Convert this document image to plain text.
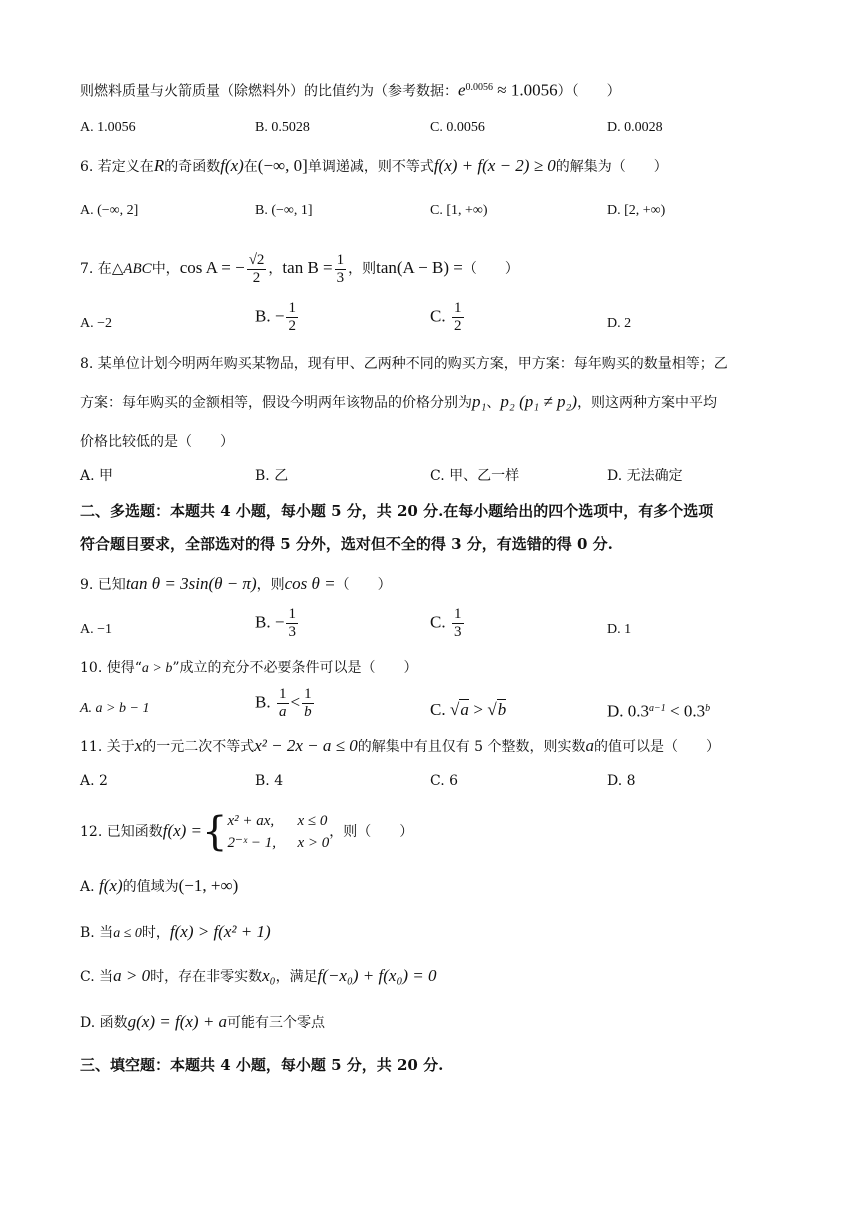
则燃料质量与火箭质量（除燃料外）的比值约为（参考数据：$e^{0.0056} \approx 1.0056$）（　　）
A. 1.0056	B. 0.5028	C. 0.0056	D. 0.0028
6. 若定义在R的奇函数f(x)在(−∞, 0]单调递减，则不等式f(x) + f(x − 2) ≥ 0的解集为（　　）
A. (−∞, 2]	B. (−∞, 1]	C. [1, +∞)	D. [2, +∞)
7. 在△ABC中，cos A = − $\frac{√2}{2}$ ，$\tan B = \frac{1}{3}$ ，则tan(A − B) =（　　）
A. −2	B. − $\frac{1}{2}$	C. $\frac{1}{2}$	D. 2
8. 某单位计划今明两年购买某物品，现有甲、乙两种不同的购买方案，甲方案：每年购买的数量相等；乙
方案：每年购买的金额相等，假设今明两年该物品的价格分别为p₁、p₂ (p₁ ≠ p₂)，则这两种方案中平均
价格比较低的是（　　）
A. 甲	B. 乙	C. 甲、乙一样	D. 无法确定
二、多选题：本题共 4 小题，每小题 5 分，共 20 分.在每小题给出的四个选项中，有多个选项
符合题目要求，全部选对的得 5 分外，选对但不全的得 3 分，有选错的得 0 分.
9. 已知tan θ = 3sin(θ − π)，则cos θ =（　　）
A. −1	B. − $\frac{1}{3}$	C. $\frac{1}{3}$	D. 1
10. 使得“a > b”成立的充分不必要条件可以是（　　）
A. a > b − 1	B. $\frac{1}{a} < \frac{1}{b}$	C. √a > √b	D. $0.3^{a-1} < 0.3^b$
11. 关于x的一元二次不等式x² − 2x − a ≤ 0的解集中有且仅有 5 个整数，则实数a的值可以是（　　）
A. 2	B. 4	C. 6	D. 8
12. 已知函数f(x) ={ x² + ax, x ≤ 0
2⁻ˣ − 1, x > 0
，则（　　）
A. f(x)的值域为(−1, +∞)
B. 当a ≤ 0时，f(x) > f(x² + 1)
C. 当a > 0时，存在非零实数x₀，满足f(−x₀) + f(x₀) = 0
D. 函数g(x) = f(x) + a可能有三个零点
三、填空题：本题共 4 小题，每小题 5 分，共 20 分.
